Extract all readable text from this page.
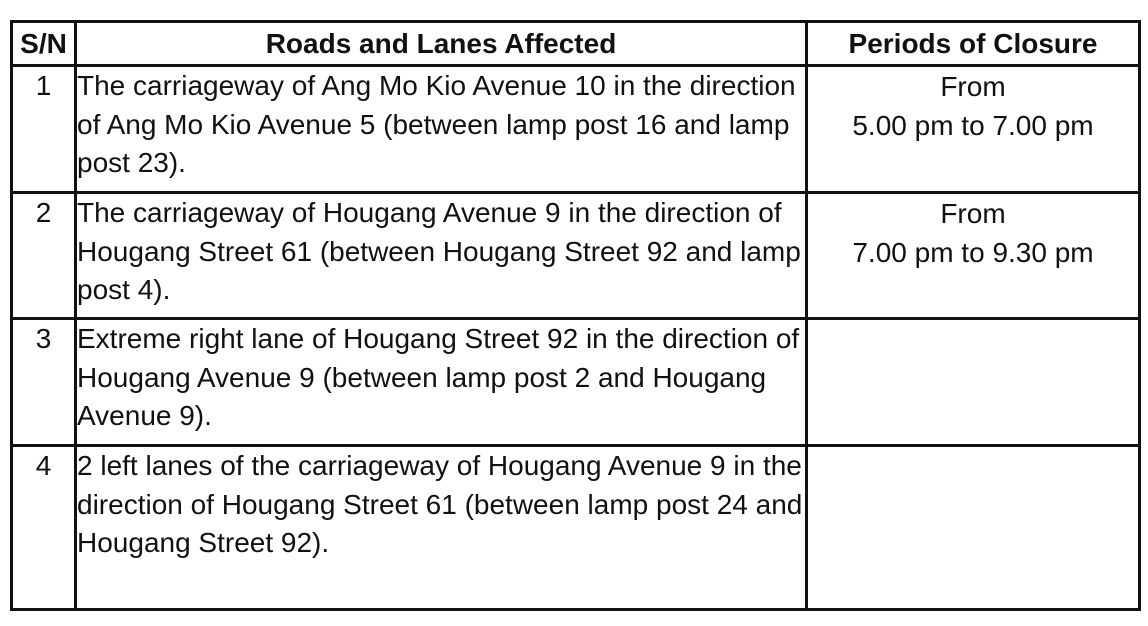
S/N	Roads and Lanes Affected	Periods of Closure
1	The carriageway of Ang Mo Kio Avenue 10 in the direction of Ang Mo Kio Avenue 5 (between lamp post 16 and lamp post 23).	From
5.00 pm to 7.00 pm

2	The carriageway of Hougang Avenue 9 in the direction of Hougang Street 61 (between Hougang Street 92 and lamp post 4).	From
7.00 pm to 9.30 pm

3	Extreme right lane of Hougang Street 92 in the direction of Hougang Avenue 9 (between lamp post 2 and Hougang Avenue 9).	

4	2 left lanes of the carriageway of Hougang Avenue 9 in the direction of Hougang Street 61 (between lamp post 24 and Hougang Street 92).	
